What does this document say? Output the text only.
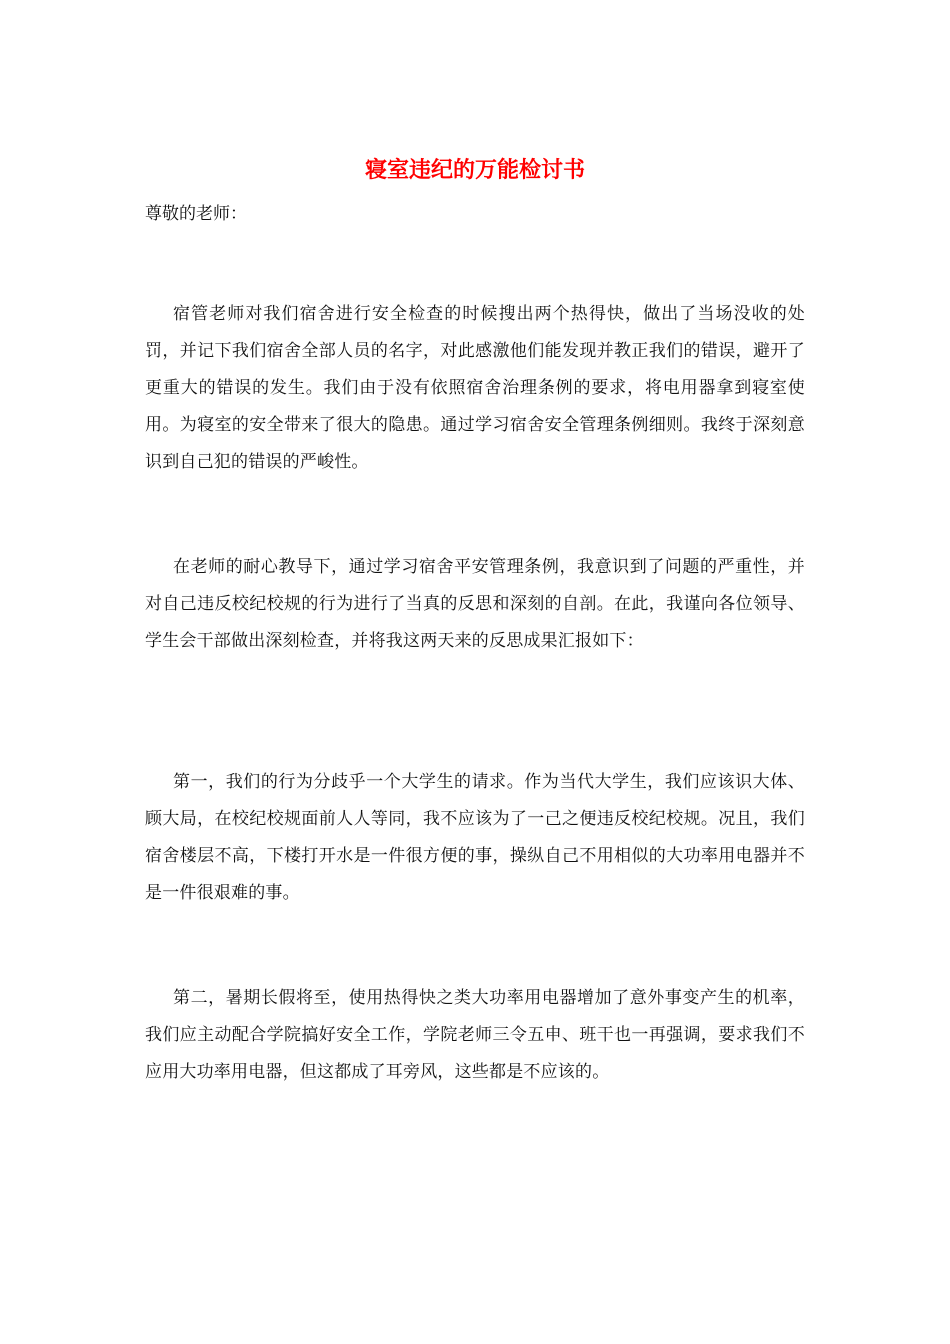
寝室违纪的万能检讨书

尊敬的老师：

宿管老师对我们宿舍进行安全检查的时候搜出两个热得快，做出了当场没收的处罚，并记下我们宿舍全部人员的名字，对此感激他们能发现并教正我们的错误，避开了更重大的错误的发生。我们由于没有依照宿舍治理条例的要求，将电用器拿到寝室使用。为寝室的安全带来了很大的隐患。通过学习宿舍安全管理条例细则。我终于深刻意识到自己犯的错误的严峻性。

在老师的耐心教导下，通过学习宿舍平安管理条例，我意识到了问题的严重性，并对自己违反校纪校规的行为进行了当真的反思和深刻的自剖。在此，我谨向各位领导、学生会干部做出深刻检查，并将我这两天来的反思成果汇报如下：

第一，我们的行为分歧乎一个大学生的请求。作为当代大学生，我们应该识大体、顾大局，在校纪校规面前人人等同，我不应该为了一己之便违反校纪校规。况且，我们宿舍楼层不高，下楼打开水是一件很方便的事，操纵自己不用相似的大功率用电器并不是一件很艰难的事。

第二，暑期长假将至，使用热得快之类大功率用电器增加了意外事变产生的机率，我们应主动配合学院搞好安全工作，学院老师三令五申、班干也一再强调，要求我们不应用大功率用电器，但这都成了耳旁风，这些都是不应该的。
